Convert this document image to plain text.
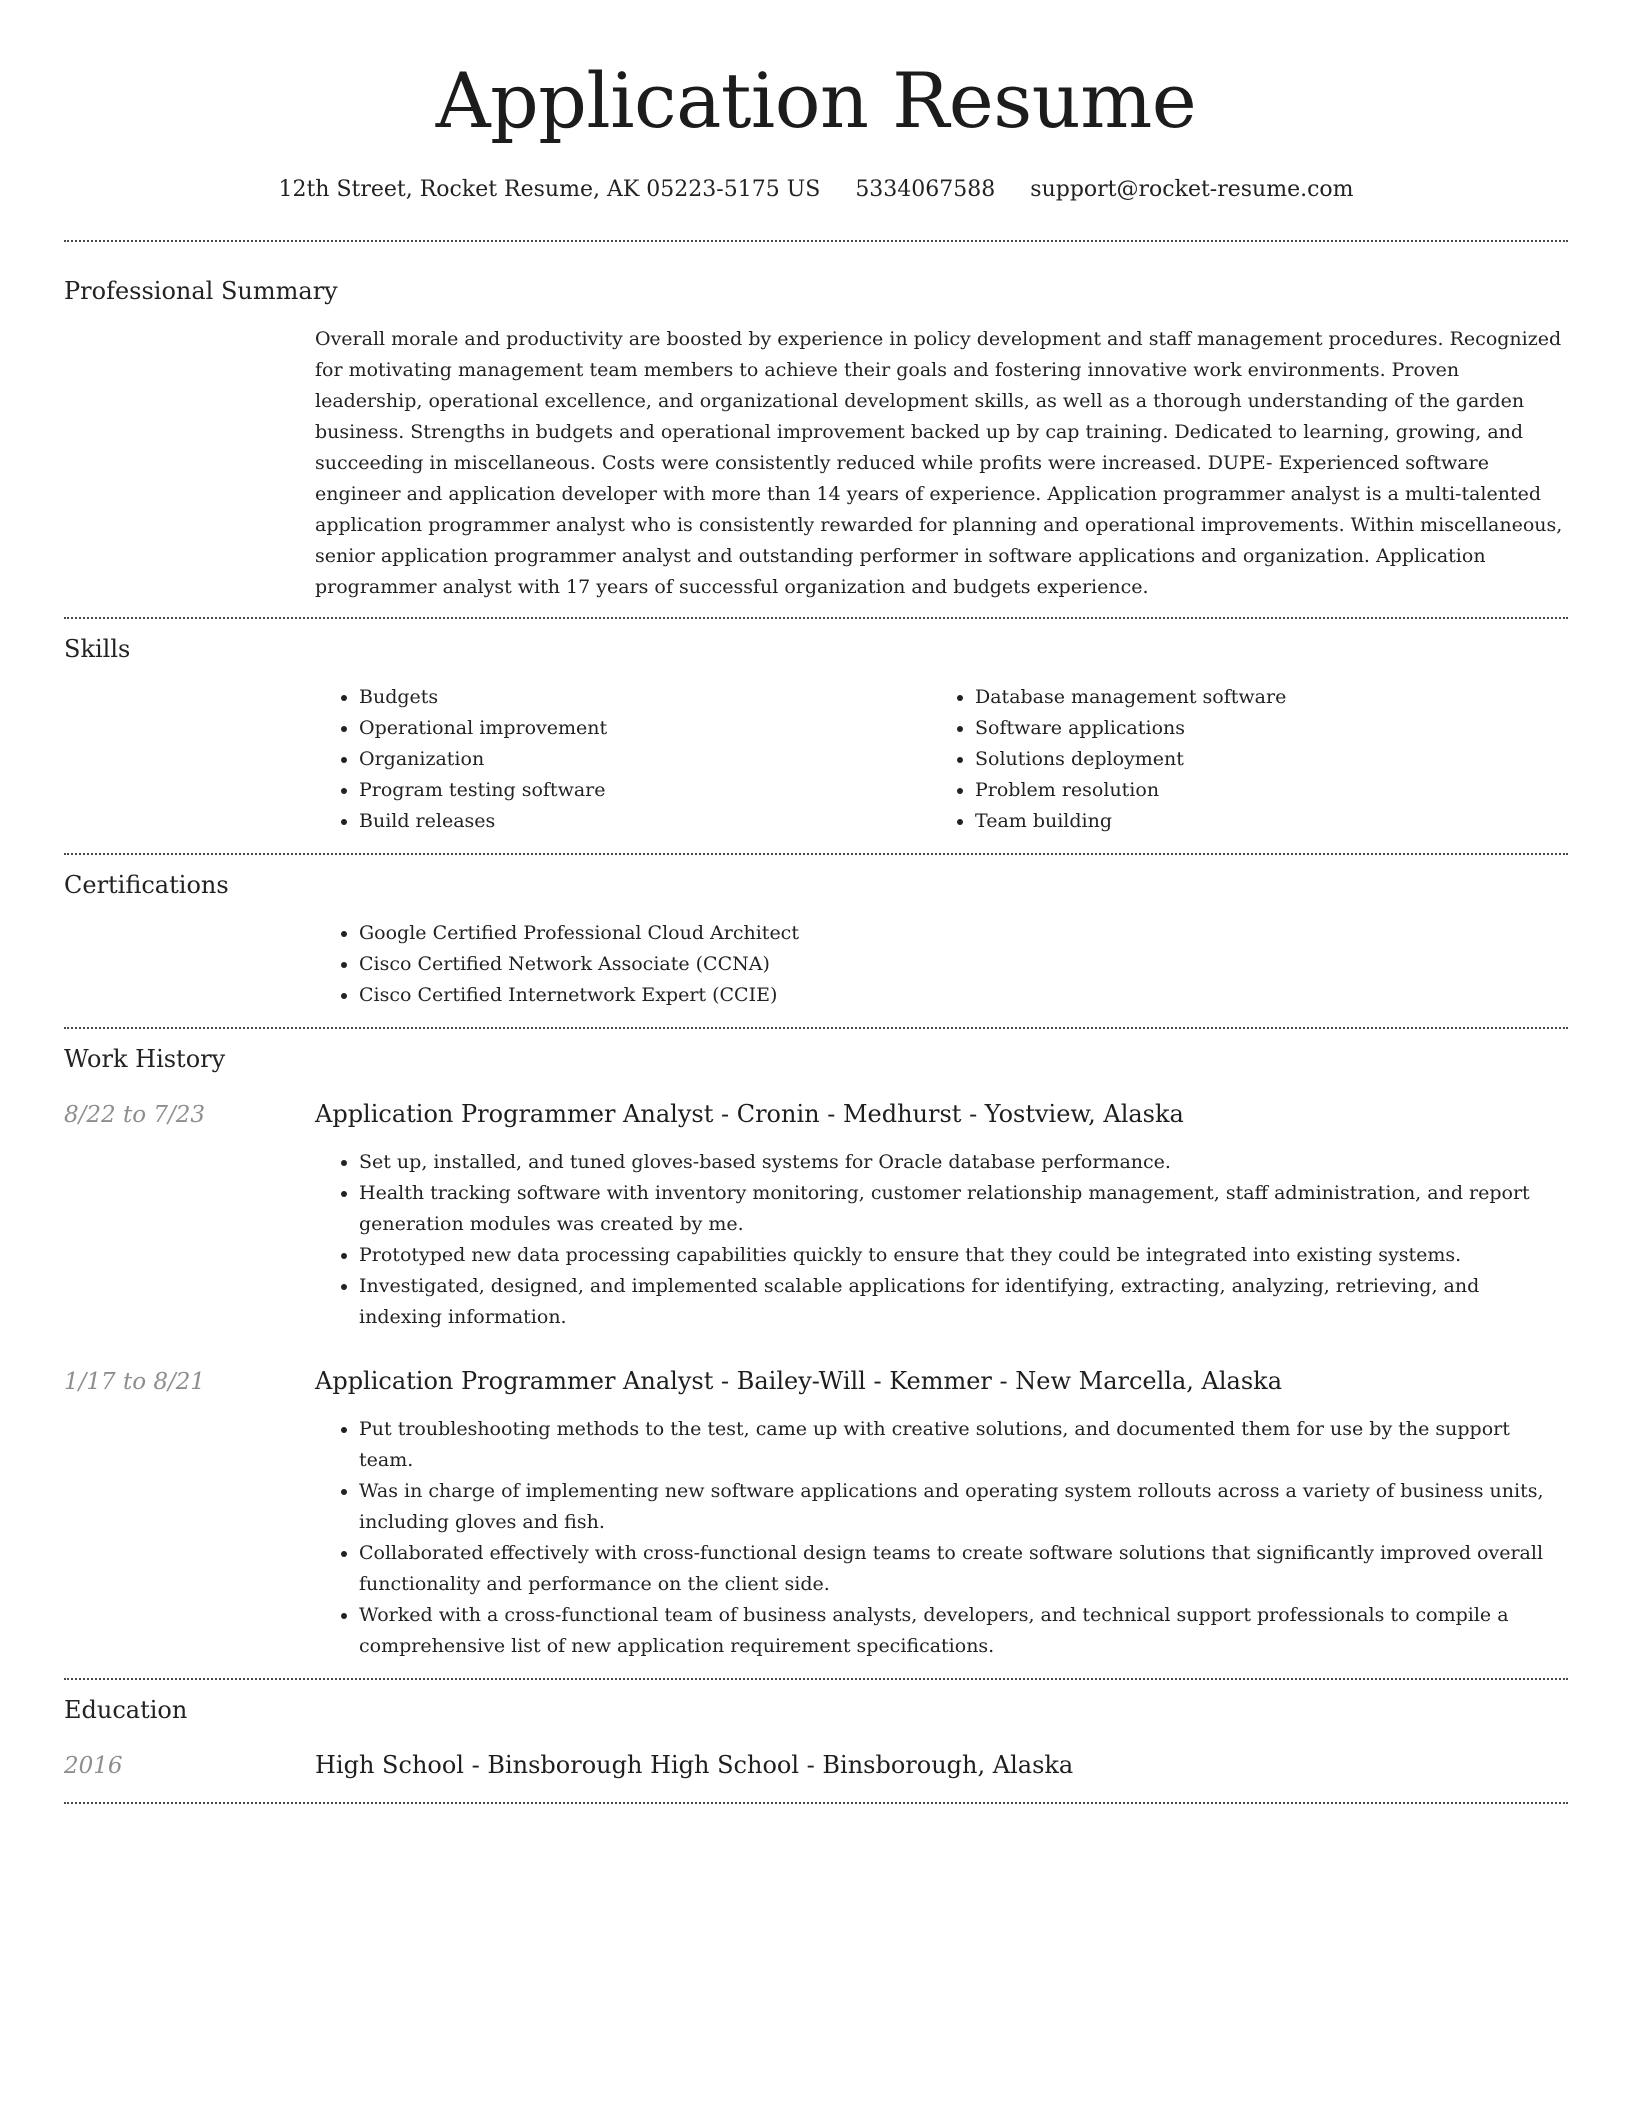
Application Resume
12th Street, Rocket Resume, AK 05223-5175 US 5334067588 support@rocket-resume.com
Professional Summary

Overall morale and productivity are boosted by experience in policy development and staff management procedures. Recognized for motivating management team members to achieve their goals and fostering innovative work environments. Proven leadership, operational excellence, and organizational development skills, as well as a thorough understanding of the garden business. Strengths in budgets and operational improvement backed up by cap training. Dedicated to learning, growing, and succeeding in miscellaneous. Costs were consistently reduced while profits were increased. DUPE- Experienced software engineer and application developer with more than 14 years of experience. Application programmer analyst is a multi-talented application programmer analyst who is consistently rewarded for planning and operational improvements. Within miscellaneous, senior application programmer analyst and outstanding performer in software applications and organization. Application programmer analyst with 17 years of successful organization and budgets experience.

Skills
• Budgets
• Operational improvement
• Organization
• Program testing software
• Build releases
• Database management software
• Software applications
• Solutions deployment
• Problem resolution
• Team building
Certifications
• Google Certified Professional Cloud Architect
• Cisco Certified Network Associate (CCNA)
• Cisco Certified Internetwork Expert (CCIE)
Work History
8/22 to 7/23	Application Programmer Analyst - Cronin - Medhurst - Yostview, Alaska
• Set up, installed, and tuned gloves-based systems for Oracle database performance.
• Health tracking software with inventory monitoring, customer relationship management, staff administration, and report generation modules was created by me.
• Prototyped new data processing capabilities quickly to ensure that they could be integrated into existing systems.
• Investigated, designed, and implemented scalable applications for identifying, extracting, analyzing, retrieving, and indexing information.
1/17 to 8/21	Application Programmer Analyst - Bailey-Will - Kemmer - New Marcella, Alaska
• Put troubleshooting methods to the test, came up with creative solutions, and documented them for use by the support team.
• Was in charge of implementing new software applications and operating system rollouts across a variety of business units, including gloves and fish.
• Collaborated effectively with cross-functional design teams to create software solutions that significantly improved overall functionality and performance on the client side.
• Worked with a cross-functional team of business analysts, developers, and technical support professionals to compile a comprehensive list of new application requirement specifications.
Education
2016	High School - Binsborough High School - Binsborough, Alaska
